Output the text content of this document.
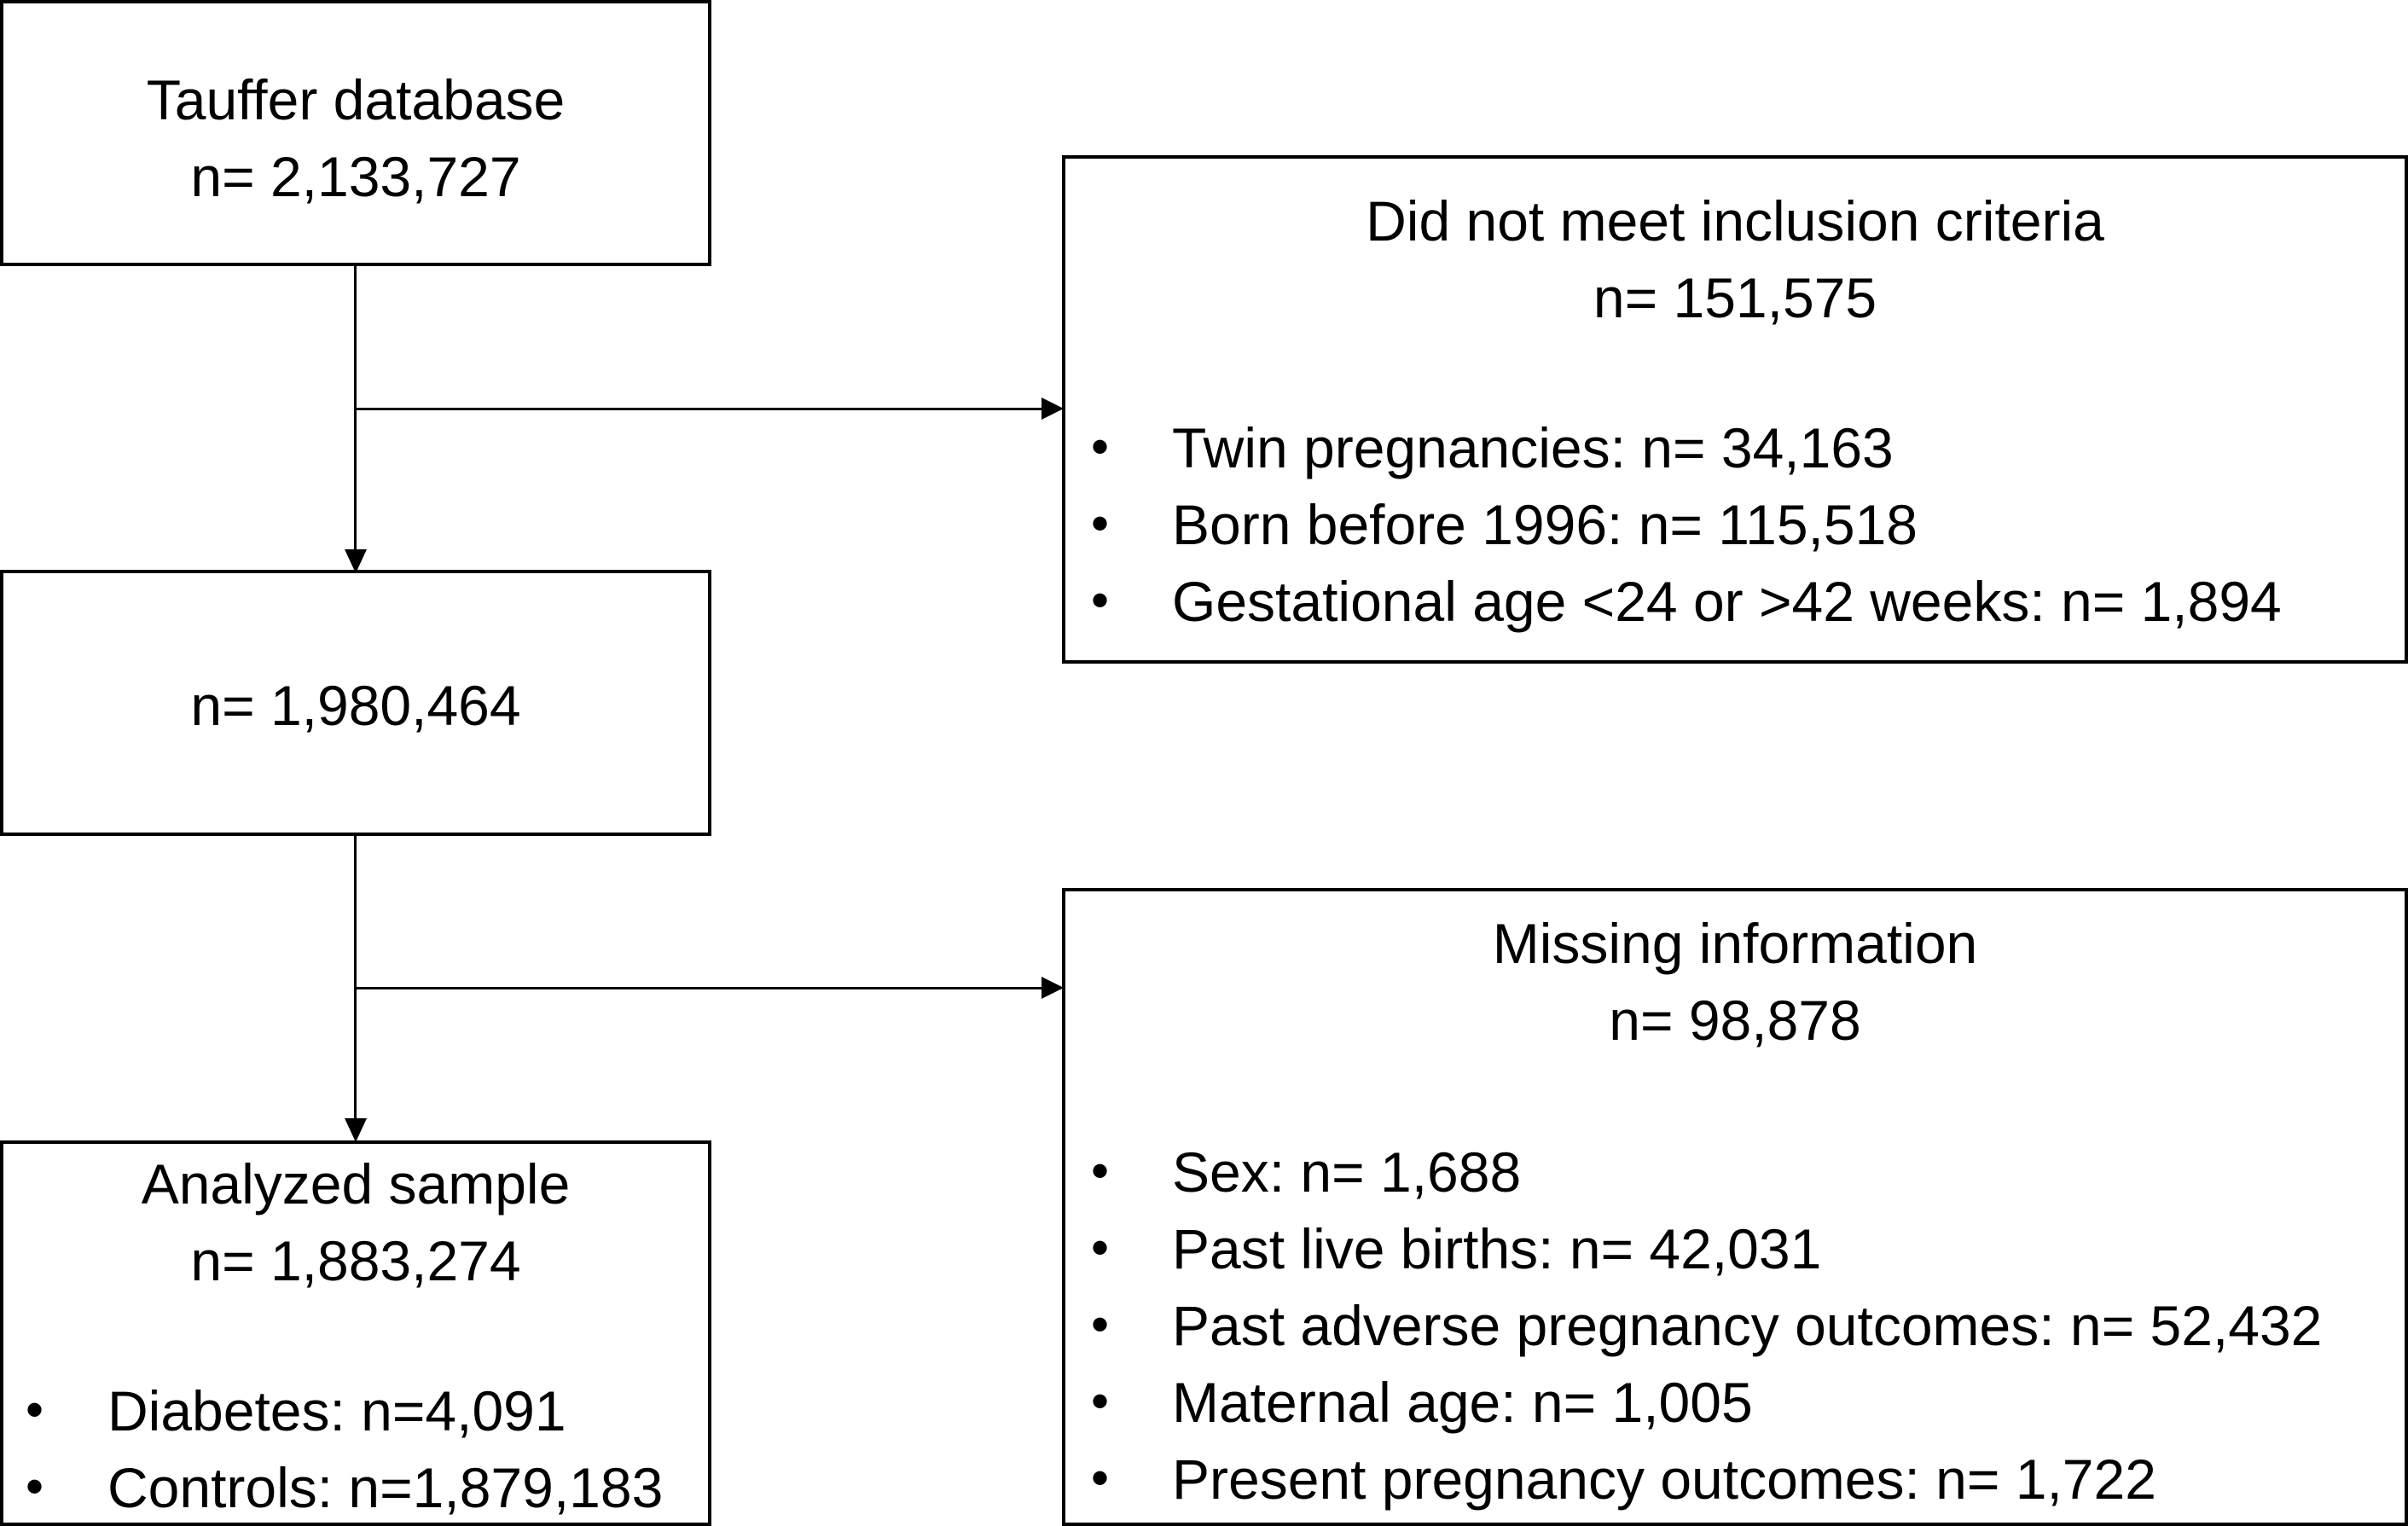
Tauffer database
n= 2,133,727
n= 1,980,464
Analyzed sample
n= 1,883,274
• Diabetes: n=4,091
• Controls: n=1,879,183
Did not meet inclusion criteria
n= 151,575
• Twin pregnancies: n= 34,163
• Born before 1996: n= 115,518
• Gestational age <24 or >42 weeks: n= 1,894
Missing information
n= 98,878
• Sex: n= 1,688
• Past live births: n= 42,031
• Past adverse pregnancy outcomes: n= 52,432
• Maternal age: n= 1,005
• Present pregnancy outcomes: n= 1,722
